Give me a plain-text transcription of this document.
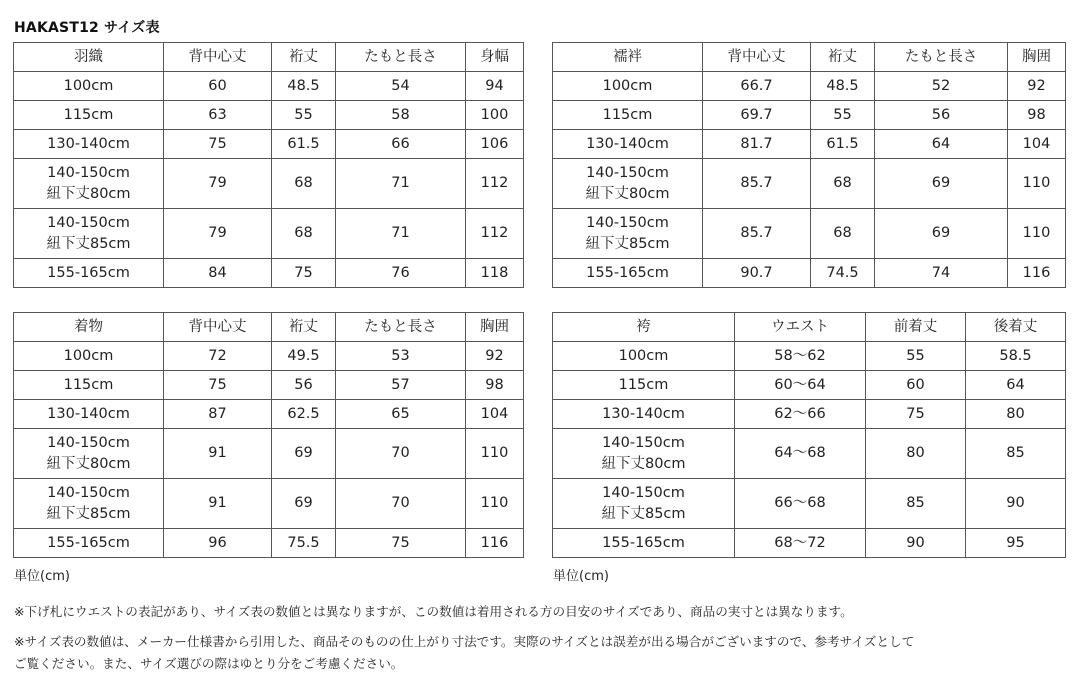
HAKAST12 サイズ表
羽織	背中心丈	裄丈	たもと長さ	身幅

100cm	60	48.5	54	94

115cm	63	55	58	100

130-140cm	75	61.5	66	106

140-150cm
紐下丈80cm	79	68	71	112

140-150cm
紐下丈85cm	79	68	71	112

155-165cm	84	75	76	118
襦袢	背中心丈	裄丈	たもと長さ	胸囲

100cm	66.7	48.5	52	92

115cm	69.7	55	56	98

130-140cm	81.7	61.5	64	104

140-150cm
紐下丈80cm	85.7	68	69	110

140-150cm
紐下丈85cm	85.7	68	69	110

155-165cm	90.7	74.5	74	116
着物	背中心丈	裄丈	たもと長さ	胸囲

100cm	72	49.5	53	92

115cm	75	56	57	98

130-140cm	87	62.5	65	104

140-150cm
紐下丈80cm	91	69	70	110

140-150cm
紐下丈85cm	91	69	70	110

155-165cm	96	75.5	75	116
袴	ウエスト	前着丈	後着丈

100cm	58〜62	55	58.5

115cm	60〜64	60	64

130-140cm	62〜66	75	80

140-150cm
紐下丈80cm	64〜68	80	85

140-150cm
紐下丈85cm	66〜68	85	90

155-165cm	68〜72	90	95
単位(cm)	単位(cm)
※下げ札にウエストの表記があり、サイズ表の数値とは異なりますが、この数値は着用される方の目安のサイズであり、商品の実寸とは異なります。
※サイズ表の数値は、メーカー仕様書から引用した、商品そのものの仕上がり寸法です。実際のサイズとは誤差が出る場合がございますので、参考サイズとして
ご覧ください。また、サイズ選びの際はゆとり分をご考慮ください。
